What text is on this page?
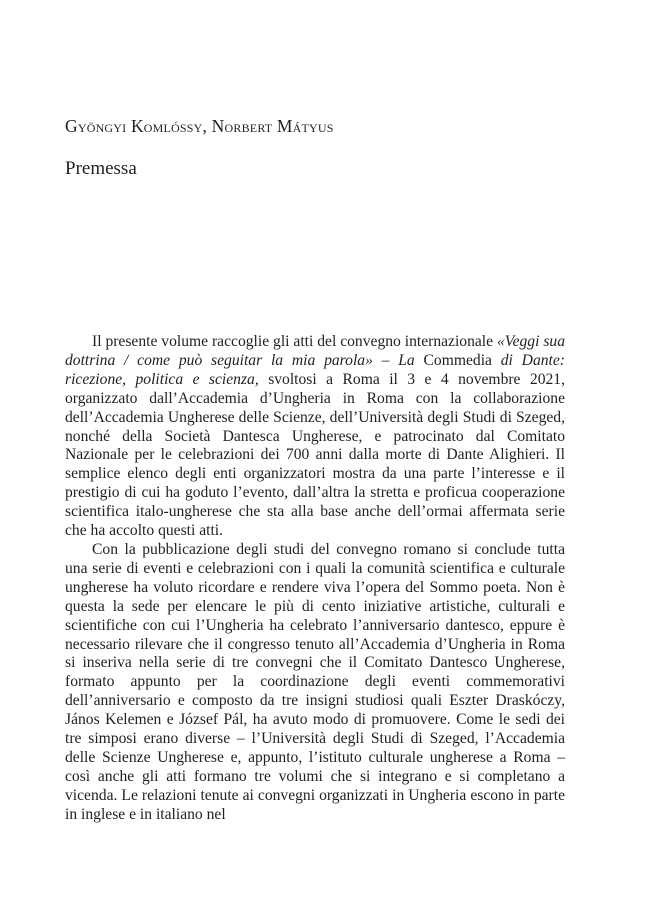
Gyöngyi Komlóssy, Norbert Mátyus
Premessa

Il presente volume raccoglie gli atti del convegno internazionale «Veggi sua dottrina / come può seguitar la mia parola» – La Commedia di Dante: ricezione, politica e scienza, svoltosi a Roma il 3 e 4 novembre 2021, organizzato dall’Accademia d’Ungheria in Roma con la collaborazione dell’Accademia Ungherese delle Scienze, dell’Università degli Studi di Szeged, nonché della Società Dantesca Ungherese, e patrocinato dal Comitato Nazionale per le celebrazioni dei 700 anni dalla morte di Dante Alighieri. Il semplice elenco degli enti organizzatori mostra da una parte l’interesse e il prestigio di cui ha goduto l’evento, dall’altra la stretta e proficua cooperazione scientifica italo-ungherese che sta alla base anche dell’ormai affermata serie che ha accolto questi atti.

Con la pubblicazione degli studi del convegno romano si conclude tutta una serie di eventi e celebrazioni con i quali la comunità scientifica e culturale ungherese ha voluto ricordare e rendere viva l’opera del Sommo poeta. Non è questa la sede per elencare le più di cento iniziative artistiche, culturali e scientifiche con cui l’Ungheria ha celebrato l’anniversario dantesco, eppure è necessario rilevare che il congresso tenuto all’Accademia d’Ungheria in Roma si inseriva nella serie di tre convegni che il Comitato Dantesco Ungherese, formato appunto per la coordinazione degli eventi commemorativi dell’anniversario e composto da tre insigni studiosi quali Eszter Draskóczy, János Kelemen e József Pál, ha avuto modo di promuovere. Come le sedi dei tre simposi erano diverse – l’Università degli Studi di Szeged, l’Accademia delle Scienze Ungherese e, appunto, l’istituto culturale ungherese a Roma – così anche gli atti formano tre volumi che si integrano e si completano a vicenda. Le relazioni tenute ai convegni organizzati in Ungheria escono in parte in inglese e in italiano nel
